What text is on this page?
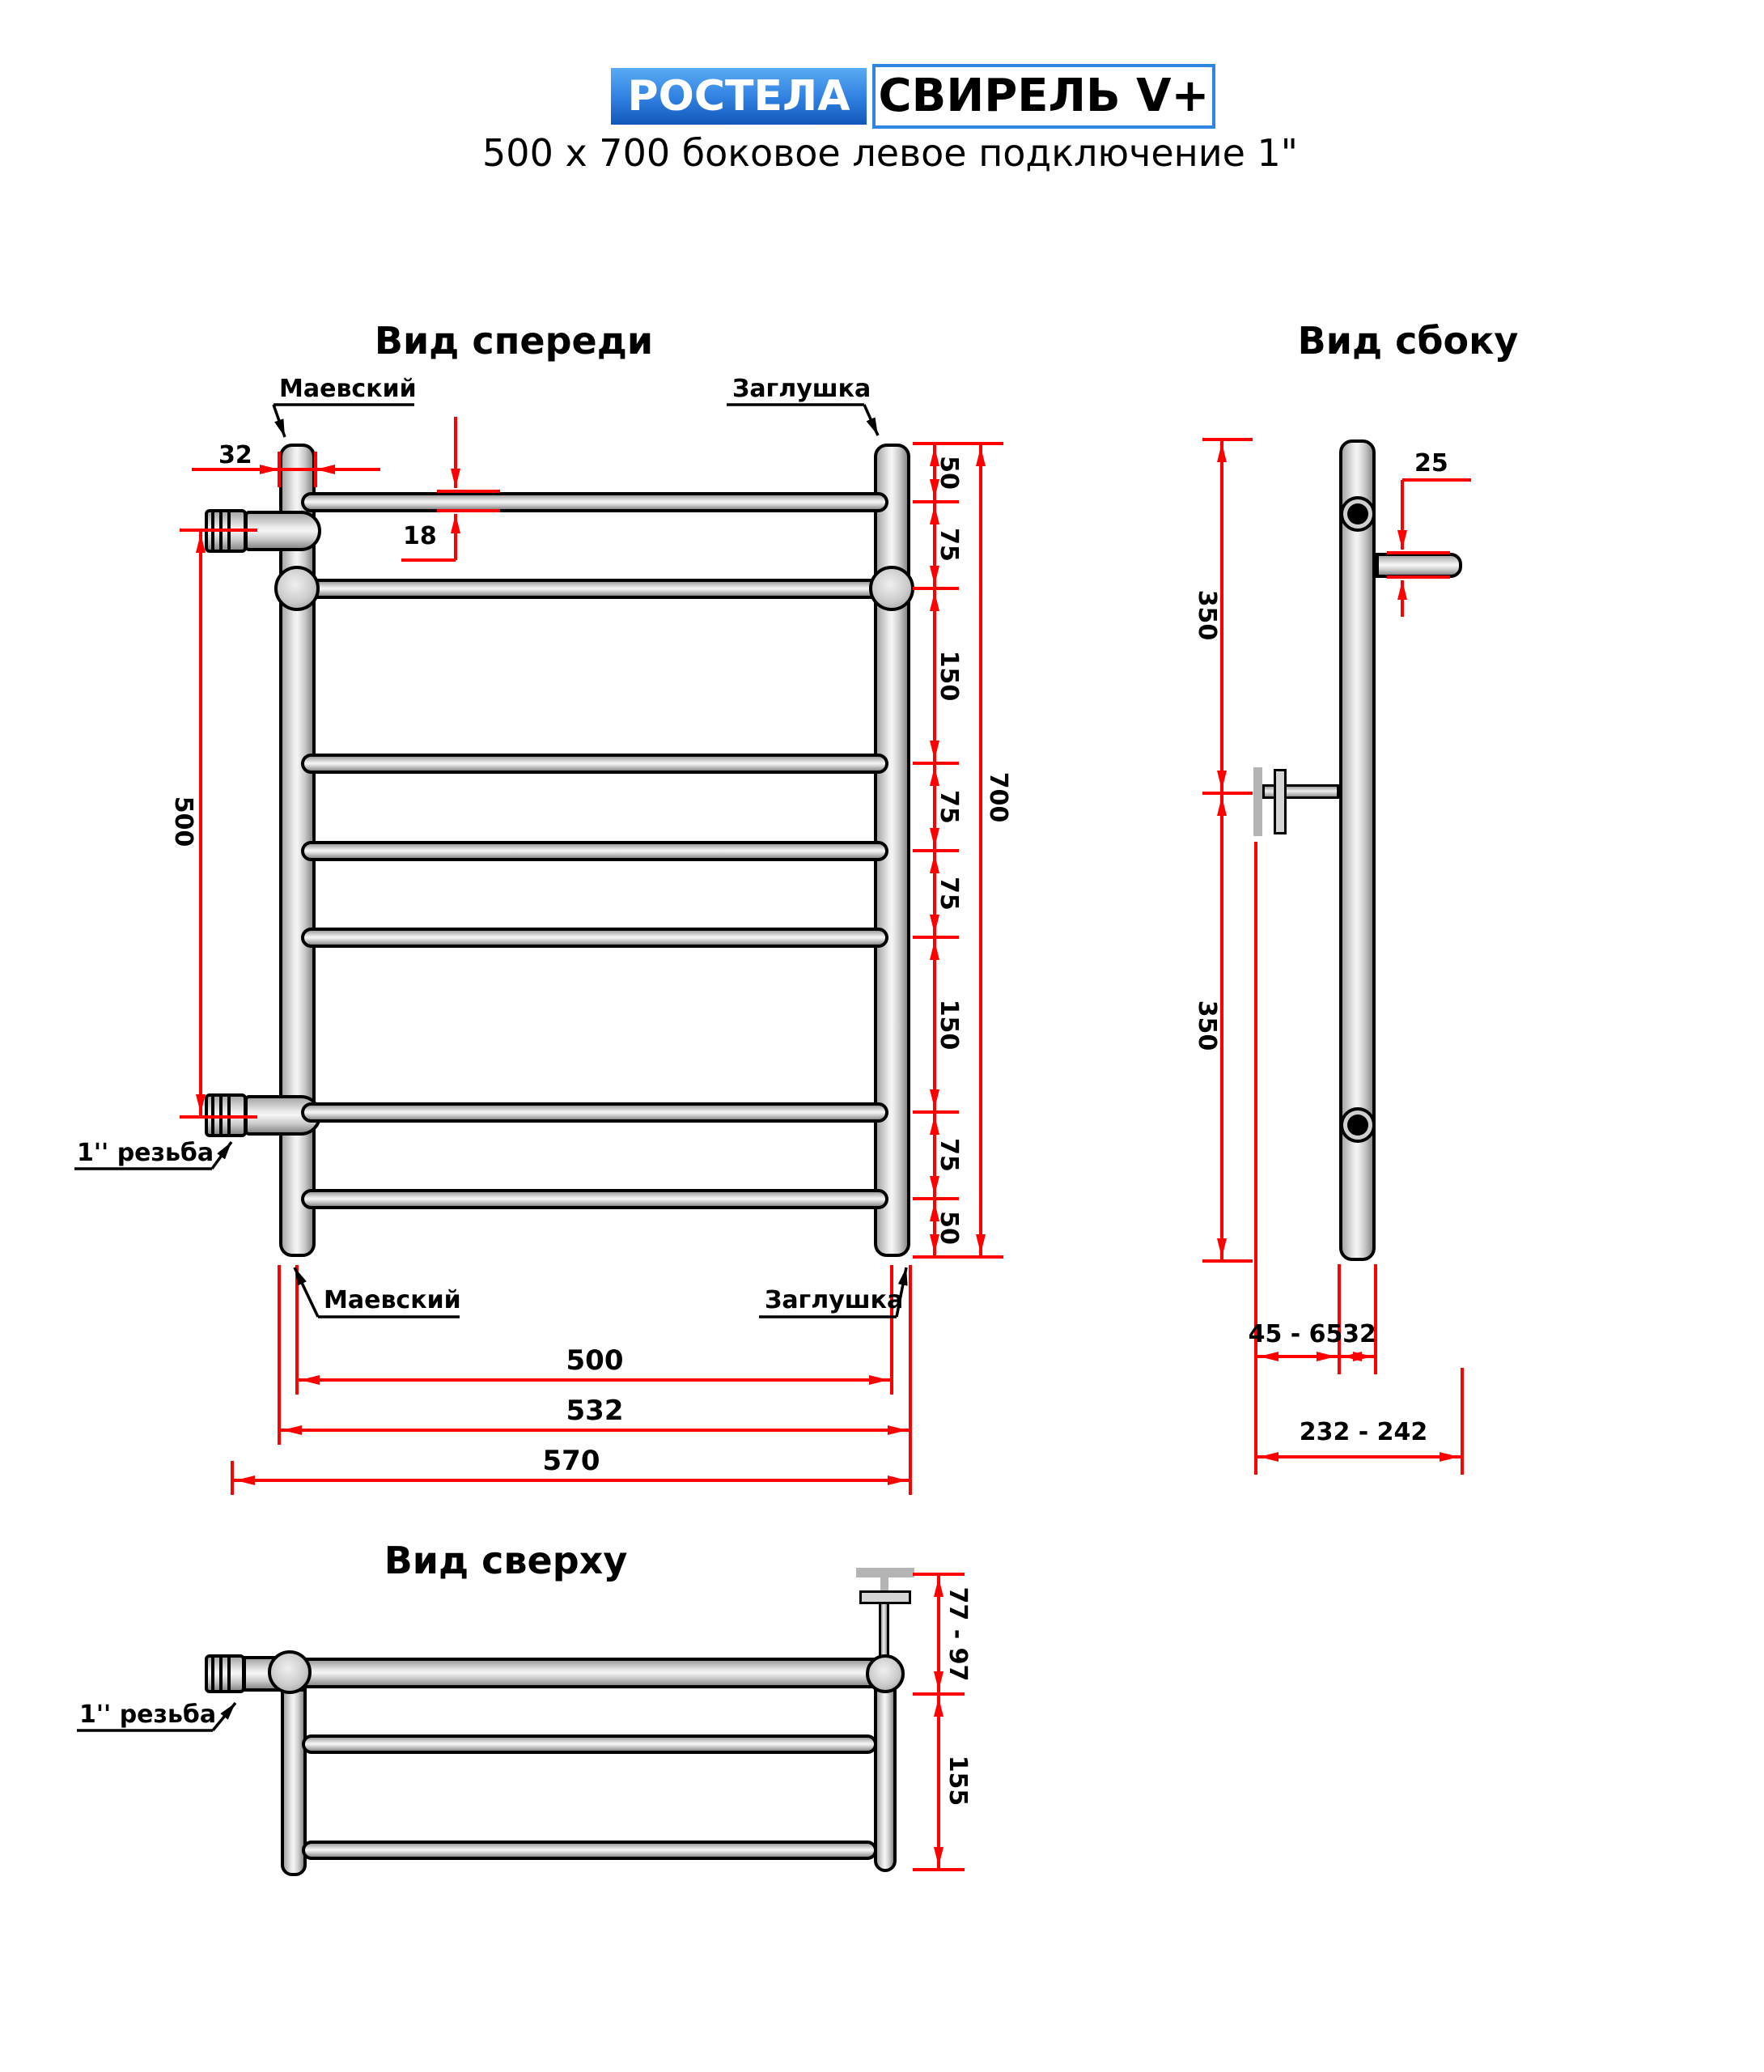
РОСТЕЛА СВИРЕЛЬ V+
500 x 700 боковое левое подключение 1"
Вид спереди	Вид сбоку
Вид сверху
Маевский	Заглушка
Маевский	Заглушка
1'' резьба
1'' резьба
32
18
50
75
150
75
75
150
75
50
700
500
500
532
570
350
350
25
45 - 65 32
232 - 242
77 - 97
155
